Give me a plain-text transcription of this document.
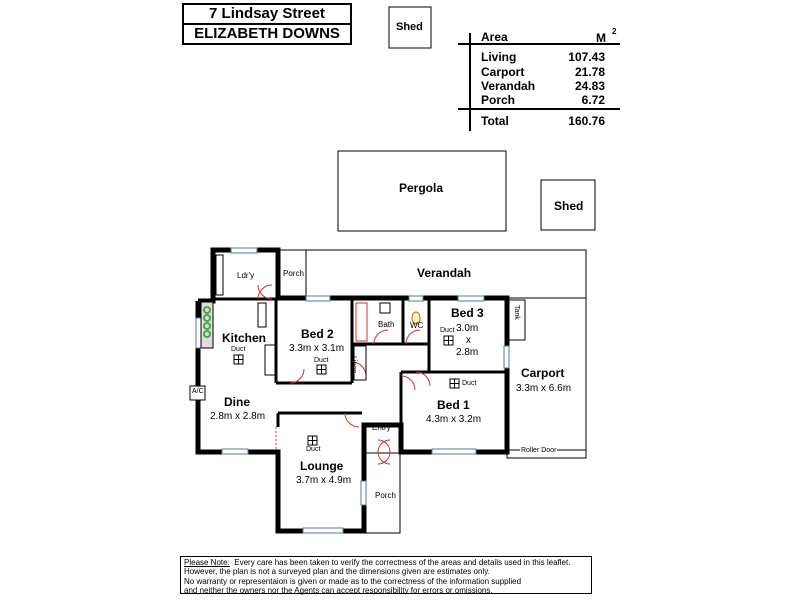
7 Lindsay Street
ELIZABETH DOWNS	Area	M 2
Living	107.43
Carport	21.78
Verandah	24.83
Porch	6.72
Total	160.76
Shed
Pergola
Shed
Ldr'y	Porch	Verandah
Kitchen
Duct
Bed 2
3.3m x 3.1m
Duct
Bath WC
Linen
Bed 3
3.0m
x
2.8m
Duct
Tank
Carport
3.3m x 6.6m
A/C
Dine
2.8m x 2.8m
Bed 1
4.3m x 3.2m
Duct
Entry
Roller Door
Lounge
3.7m x 4.9m
Duct
Porch
Please Note: Every care has been taken to verify the correctness of the areas and details used in this leaflet.
However, the plan is not a surveyed plan and the dimensions given are estimates only.
No warranty or representaion is given or made as to the correctness of the information supplied
and neither the owners nor the Agents can accept responsibility for errors or omissions.
